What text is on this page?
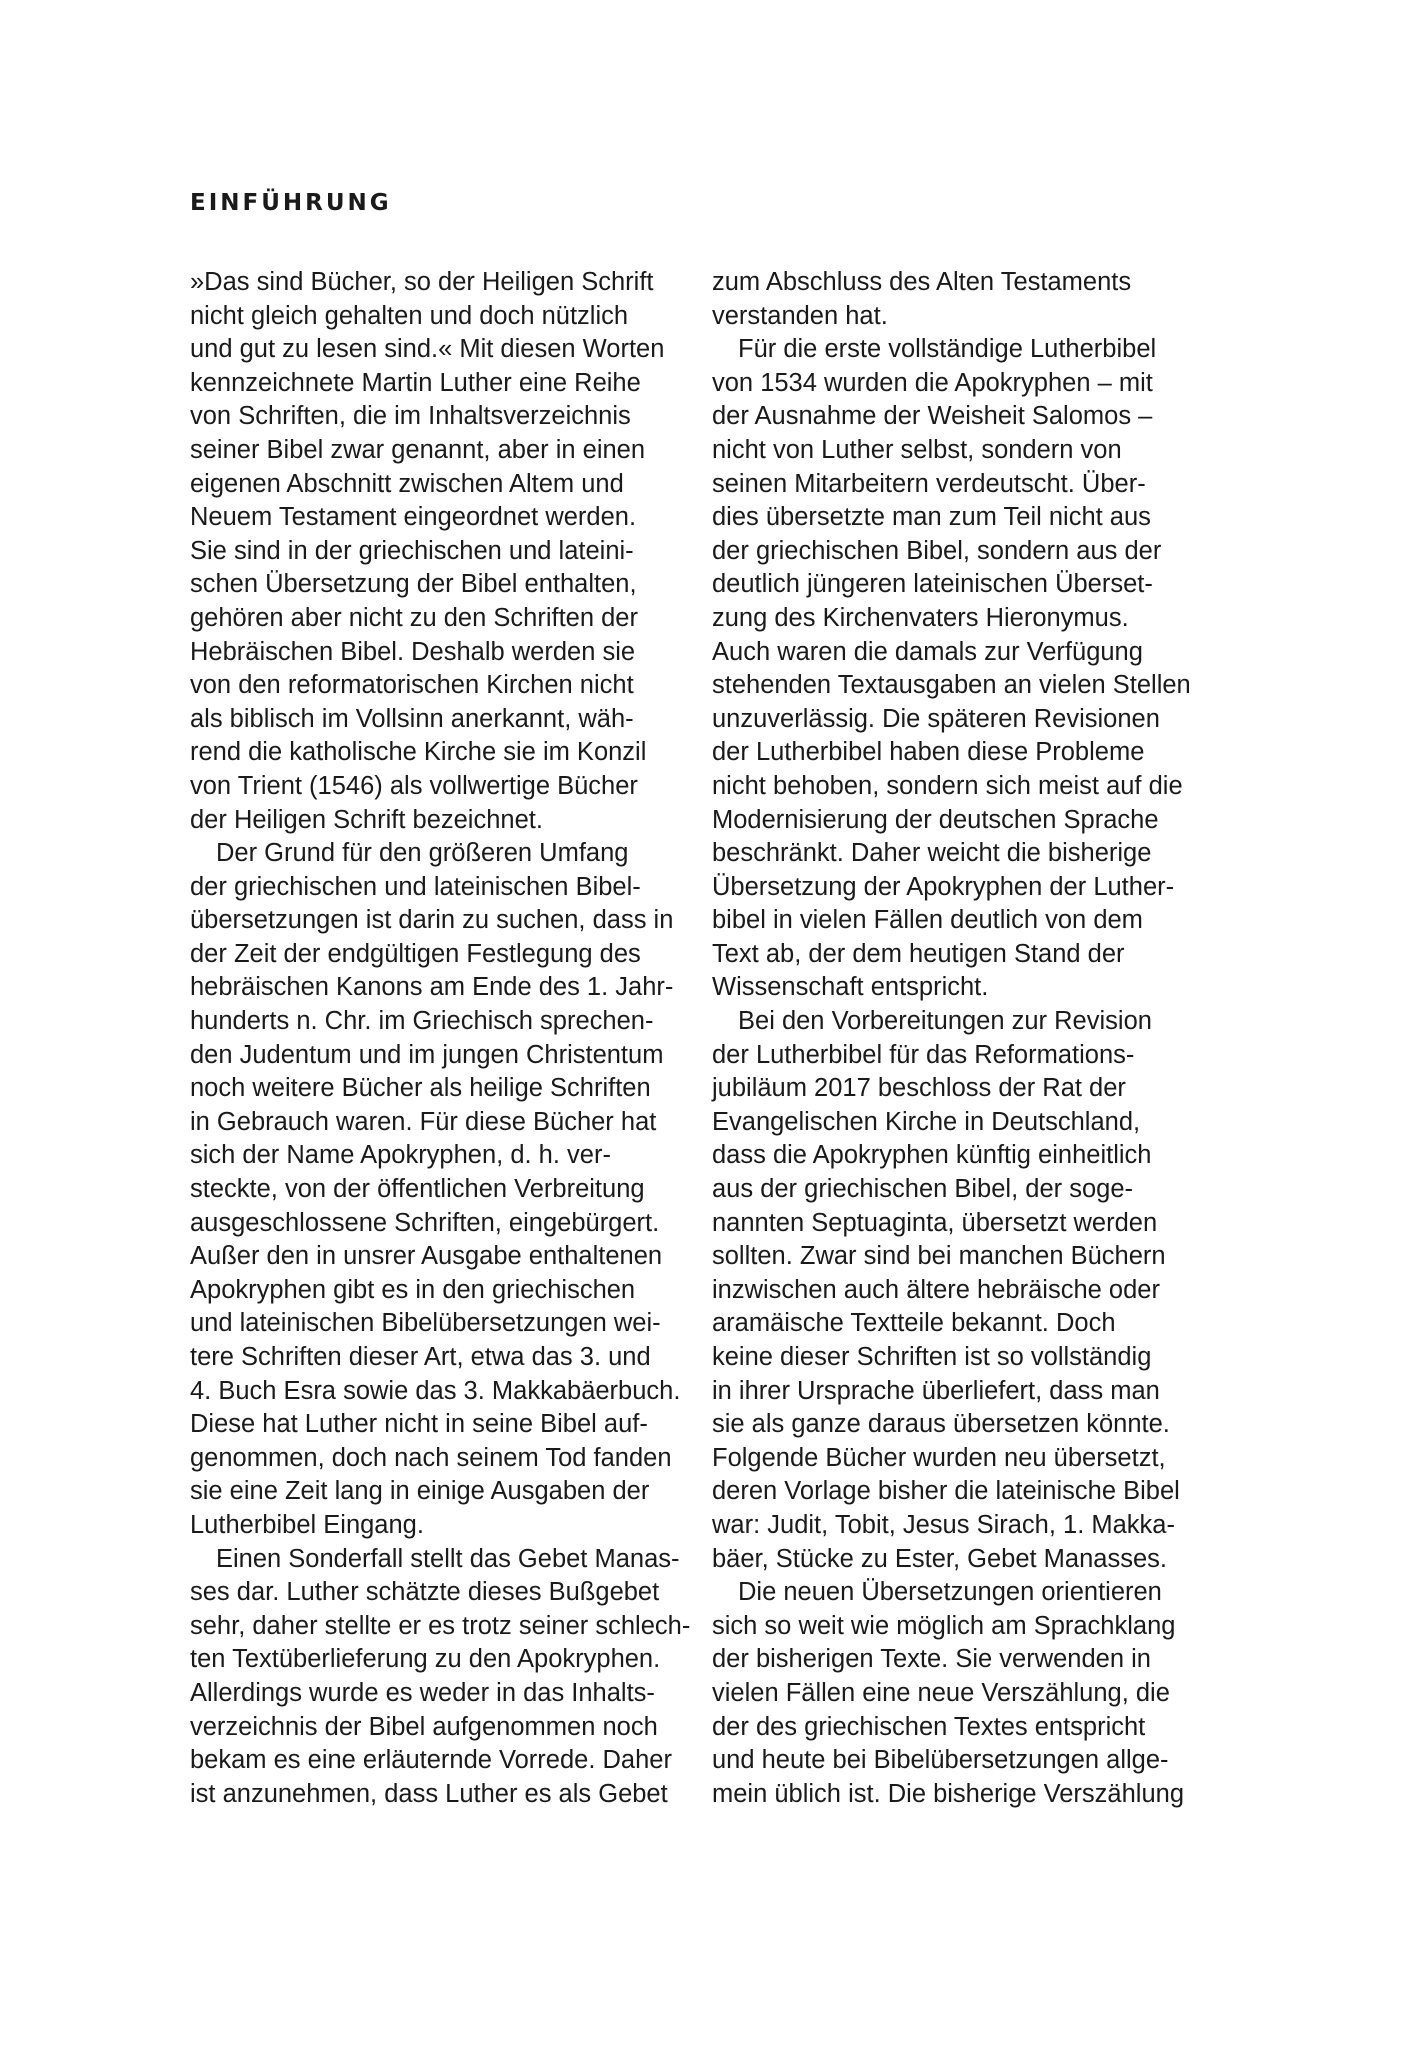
EINFÜHRUNG
»Das sind Bücher, so der Heiligen Schrift
nicht gleich gehalten und doch nützlich
und gut zu lesen sind.« Mit diesen Worten
kennzeichnete Martin Luther eine Reihe
von Schriften, die im Inhaltsverzeichnis
seiner Bibel zwar genannt, aber in einen
eigenen Abschnitt zwischen Altem und
Neuem Testament eingeordnet werden.
Sie sind in der griechischen und lateini-
schen Übersetzung der Bibel enthalten,
gehören aber nicht zu den Schriften der
Hebräischen Bibel. Deshalb werden sie
von den reformatorischen Kirchen nicht
als biblisch im Vollsinn anerkannt, wäh-
rend die katholische Kirche sie im Konzil
von Trient (1546) als vollwertige Bücher
der Heiligen Schrift bezeichnet.
Der Grund für den größeren Umfang
der griechischen und lateinischen Bibel-
übersetzungen ist darin zu suchen, dass in
der Zeit der endgültigen Festlegung des
hebräischen Kanons am Ende des 1. Jahr-
hunderts n. Chr. im Griechisch sprechen-
den Judentum und im jungen Christentum
noch weitere Bücher als heilige Schriften
in Gebrauch waren. Für diese Bücher hat
sich der Name Apokryphen, d. h. ver-
steckte, von der öffentlichen Verbreitung
ausgeschlossene Schriften, eingebürgert.
Außer den in unsrer Ausgabe enthaltenen
Apokryphen gibt es in den griechischen
und lateinischen Bibelübersetzungen wei-
tere Schriften dieser Art, etwa das 3. und
4. Buch Esra sowie das 3. Makkabäerbuch.
Diese hat Luther nicht in seine Bibel auf-
genommen, doch nach seinem Tod fanden
sie eine Zeit lang in einige Ausgaben der
Lutherbibel Eingang.
Einen Sonderfall stellt das Gebet Manas-
ses dar. Luther schätzte dieses Bußgebet
sehr, daher stellte er es trotz seiner schlech-
ten Textüberlieferung zu den Apokryphen.
Allerdings wurde es weder in das Inhalts-
verzeichnis der Bibel aufgenommen noch
bekam es eine erläuternde Vorrede. Daher
ist anzunehmen, dass Luther es als Gebet
zum Abschluss des Alten Testaments
verstanden hat.
Für die erste vollständige Lutherbibel
von 1534 wurden die Apokryphen – mit
der Ausnahme der Weisheit Salomos –
nicht von Luther selbst, sondern von
seinen Mitarbeitern verdeutscht. Über-
dies übersetzte man zum Teil nicht aus
der griechischen Bibel, sondern aus der
deutlich jüngeren lateinischen Überset-
zung des Kirchenvaters Hieronymus.
Auch waren die damals zur Verfügung
stehenden Textausgaben an vielen Stellen
unzuverlässig. Die späteren Revisionen
der Lutherbibel haben diese Probleme
nicht behoben, sondern sich meist auf die
Modernisierung der deutschen Sprache
beschränkt. Daher weicht die bisherige
Übersetzung der Apokryphen der Luther-
bibel in vielen Fällen deutlich von dem
Text ab, der dem heutigen Stand der
Wissenschaft entspricht.
Bei den Vorbereitungen zur Revision
der Lutherbibel für das Reformations-
jubiläum 2017 beschloss der Rat der
Evangelischen Kirche in Deutschland,
dass die Apokryphen künftig einheitlich
aus der griechischen Bibel, der soge-
nannten Septuaginta, übersetzt werden
sollten. Zwar sind bei manchen Büchern
inzwischen auch ältere hebräische oder
aramäische Textteile bekannt. Doch
keine dieser Schriften ist so vollständig
in ihrer Ursprache überliefert, dass man
sie als ganze daraus übersetzen könnte.
Folgende Bücher wurden neu übersetzt,
deren Vorlage bisher die lateinische Bibel
war: Judit, Tobit, Jesus Sirach, 1. Makka-
bäer, Stücke zu Ester, Gebet Manasses.
Die neuen Übersetzungen orientieren
sich so weit wie möglich am Sprachklang
der bisherigen Texte. Sie verwenden in
vielen Fällen eine neue Verszählung, die
der des griechischen Textes entspricht
und heute bei Bibelübersetzungen allge-
mein üblich ist. Die bisherige Verszählung
